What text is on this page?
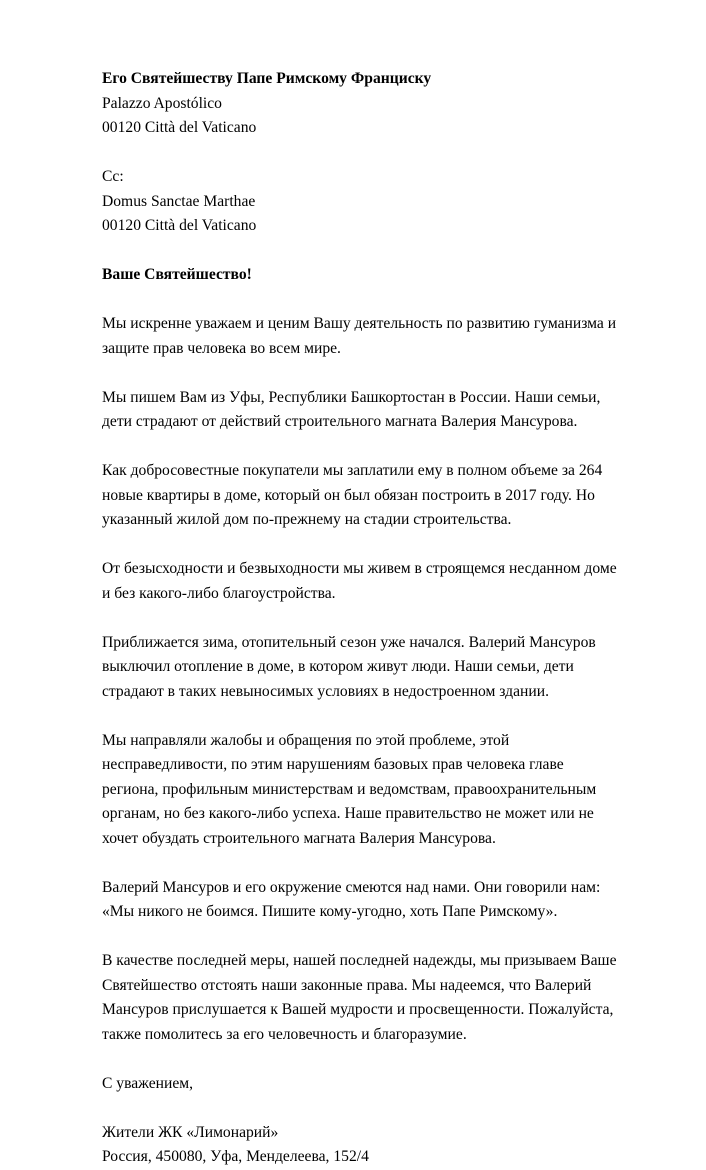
Его Святейшеству Папе Римскому Франциску
Palazzo Apostólico
00120 Città del Vaticano
Cc:
Domus Sanctae Marthae
00120 Città del Vaticano
Ваше Святейшество!
Мы искренне уважаем и ценим Вашу деятельность по развитию гуманизма и
защите прав человека во всем мире.
Мы пишем Вам из Уфы, Республики Башкортостан в России. Наши семьи,
дети страдают от действий строительного магната Валерия Мансурова.
Как добросовестные покупатели мы заплатили ему в полном объеме за 264
новые квартиры в доме, который он был обязан построить в 2017 году. Но
указанный жилой дом по-прежнему на стадии строительства.
От безысходности и безвыходности мы живем в строящемся несданном доме
и без какого-либо благоустройства.
Приближается зима, отопительный сезон уже начался. Валерий Мансуров
выключил отопление в доме, в котором живут люди. Наши семьи, дети
страдают в таких невыносимых условиях в недостроенном здании.
Мы направляли жалобы и обращения по этой проблеме, этой
несправедливости, по этим нарушениям базовых прав человека главе
региона, профильным министерствам и ведомствам, правоохранительным
органам, но без какого-либо успеха. Наше правительство не может или не
хочет обуздать строительного магната Валерия Мансурова.
Валерий Мансуров и его окружение смеются над нами. Они говорили нам:
«Мы никого не боимся. Пишите кому-угодно, хоть Папе Римскому».
В качестве последней меры, нашей последней надежды, мы призываем Ваше
Святейшество отстоять наши законные права. Мы надеемся, что Валерий
Мансуров прислушается к Вашей мудрости и просвещенности. Пожалуйста,
также помолитесь за его человечность и благоразумие.
С уважением,
Жители ЖК «Лимонарий»
Россия, 450080, Уфа, Менделеева, 152/4
